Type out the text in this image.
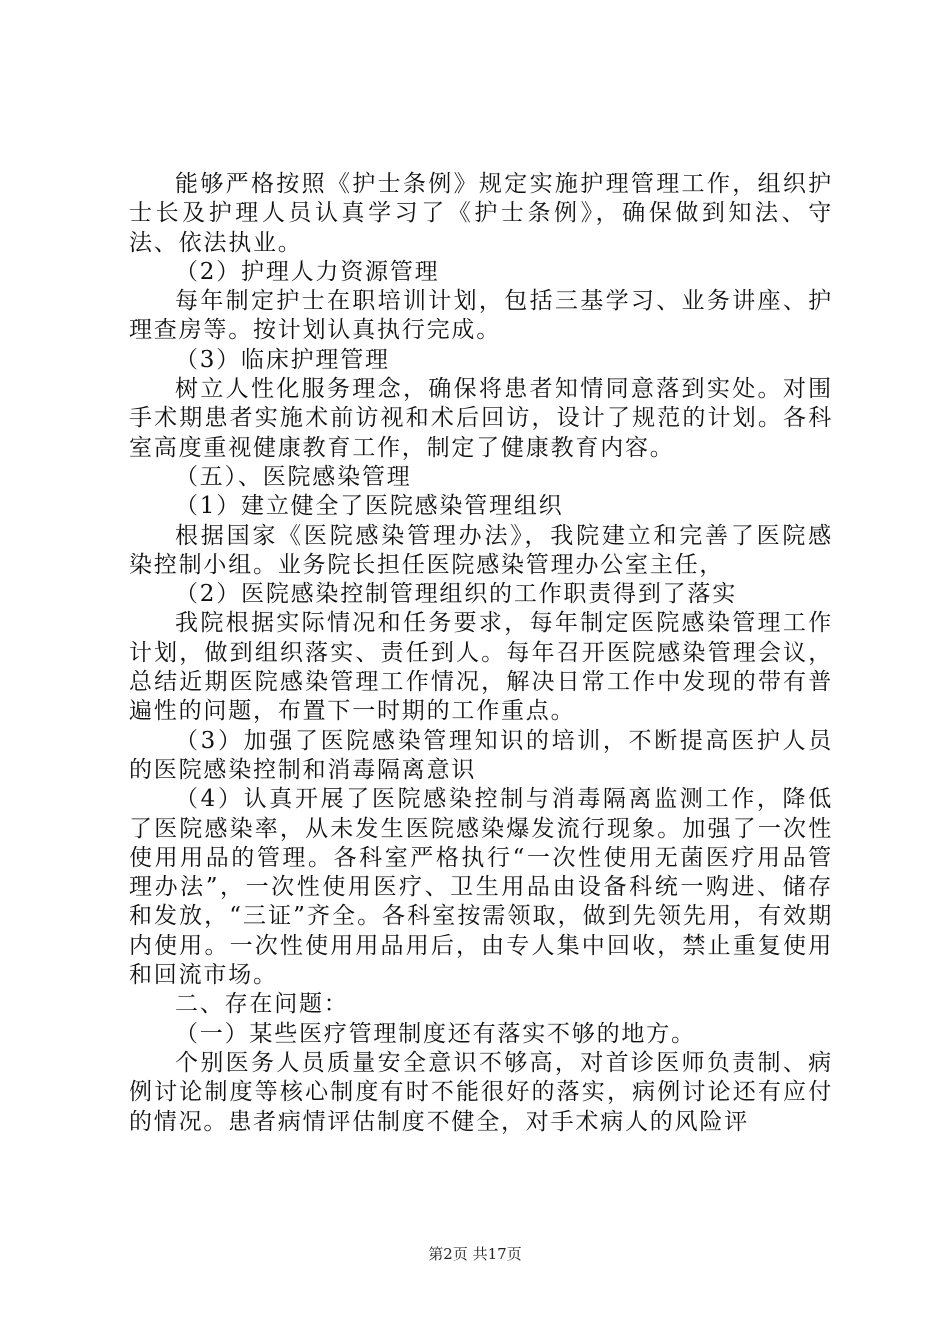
能够严格按照《护士条例》规定实施护理管理工作，组织护士长及护理人员认真学习了《护士条例》，确保做到知法、守法、依法执业。

（2）护理人力资源管理

每年制定护士在职培训计划，包括三基学习、业务讲座、护理查房等。按计划认真执行完成。

（3）临床护理管理

树立人性化服务理念，确保将患者知情同意落到实处。对围手术期患者实施术前访视和术后回访，设计了规范的计划。各科室高度重视健康教育工作，制定了健康教育内容。

（五）、医院感染管理

（1）建立健全了医院感染管理组织

根据国家《医院感染管理办法》，我院建立和完善了医院感染控制小组。业务院长担任医院感染管理办公室主任，

（2）医院感染控制管理组织的工作职责得到了落实

我院根据实际情况和任务要求，每年制定医院感染管理工作计划，做到组织落实、责任到人。每年召开医院感染管理会议，总结近期医院感染管理工作情况，解决日常工作中发现的带有普遍性的问题，布置下一时期的工作重点。

（3）加强了医院感染管理知识的培训，不断提高医护人员的医院感染控制和消毒隔离意识

（4）认真开展了医院感染控制与消毒隔离监测工作，降低了医院感染率，从未发生医院感染爆发流行现象。加强了一次性使用用品的管理。各科室严格执行“一次性使用无菌医疗用品管理办法”，一次性使用医疗、卫生用品由设备科统一购进、储存和发放，“三证”齐全。各科室按需领取，做到先领先用，有效期内使用。一次性使用用品用后，由专人集中回收，禁止重复使用和回流市场。

二、存在问题：

（一）某些医疗管理制度还有落实不够的地方。

个别医务人员质量安全意识不够高，对首诊医师负责制、病例讨论制度等核心制度有时不能很好的落实，病例讨论还有应付的情况。患者病情评估制度不健全，对手术病人的风险评

第2页 共17页
